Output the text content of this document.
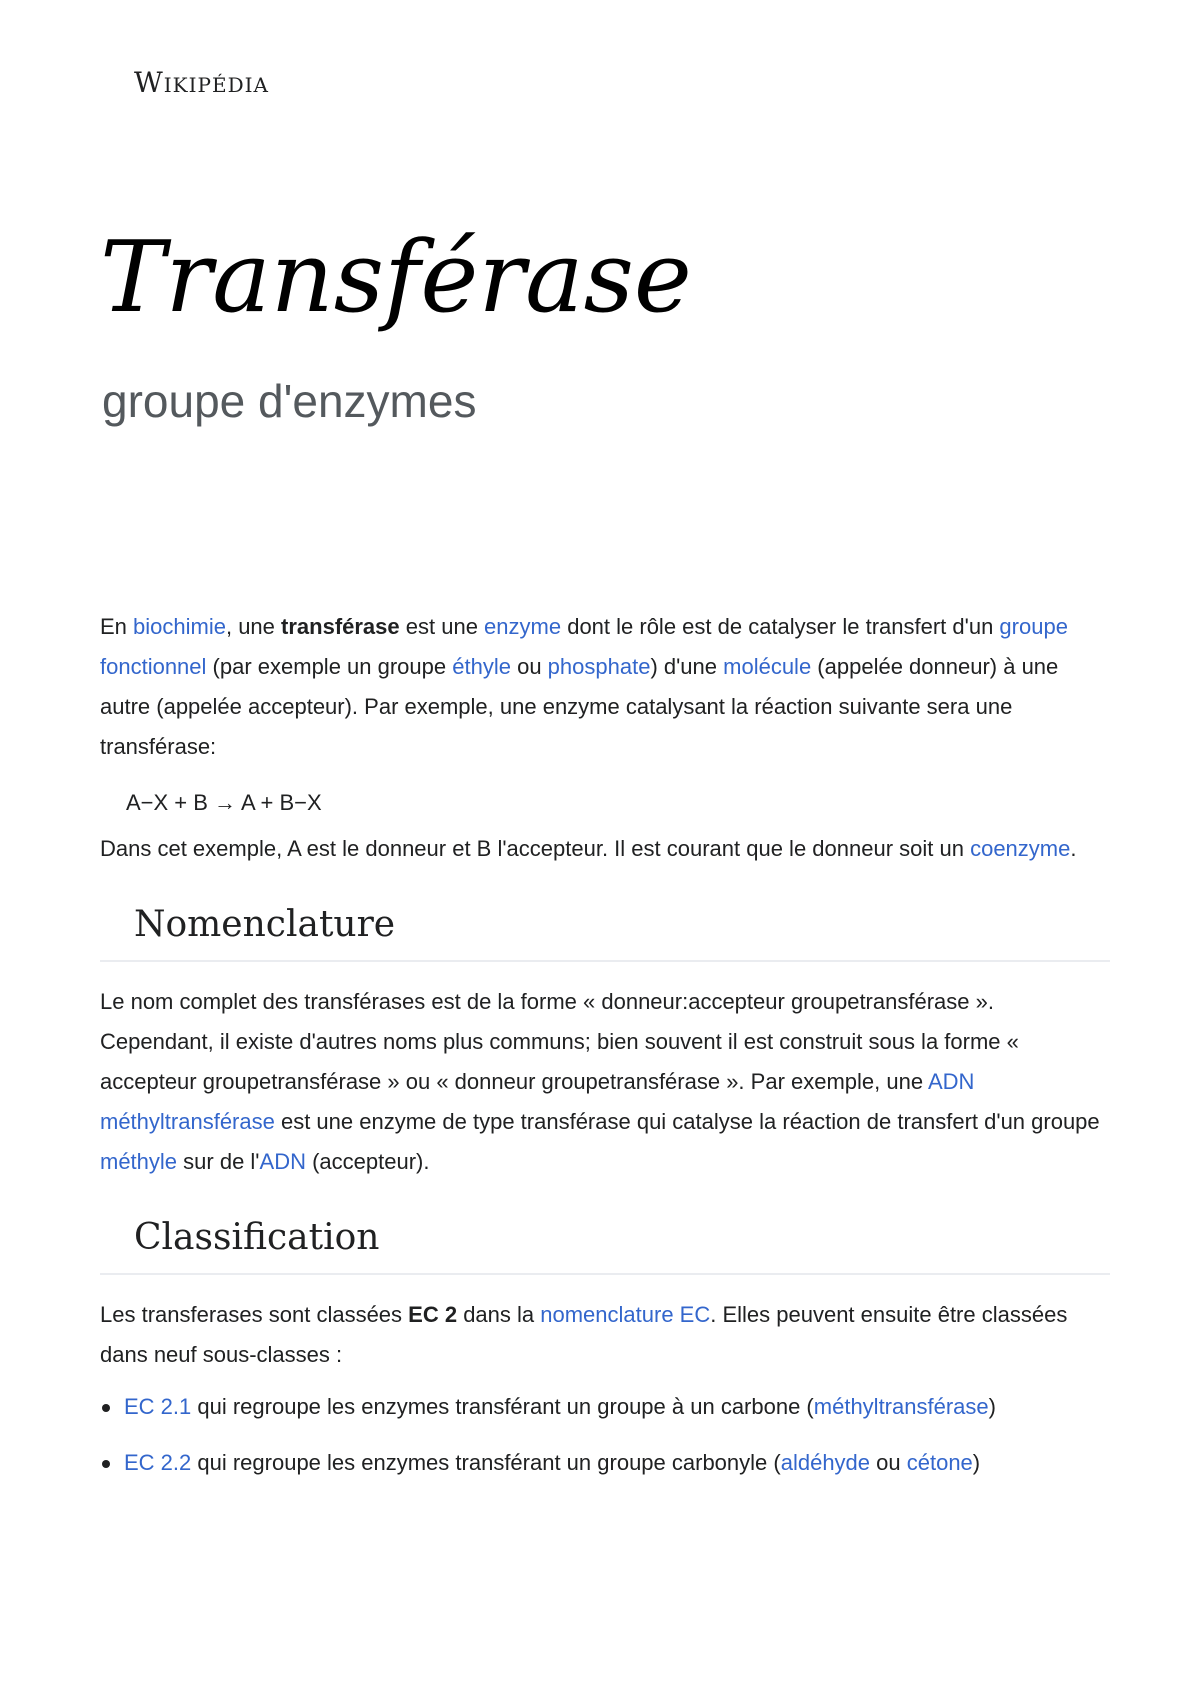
Wikipédia
Transférase
groupe d'enzymes

En biochimie, une transférase est une enzyme dont le rôle est de catalyser le transfert d'un groupe fonctionnel (par exemple un groupe éthyle ou phosphate) d'une molécule (appelée donneur) à une autre (appelée accepteur). Par exemple, une enzyme catalysant la réaction suivante sera une transférase:

A−X + B → A + B−X

Dans cet exemple, A est le donneur et B l'accepteur. Il est courant que le donneur soit un coenzyme.

Nomenclature

Le nom complet des transférases est de la forme « donneur:accepteur groupetransférase ». Cependant, il existe d'autres noms plus communs; bien souvent il est construit sous la forme « accepteur groupetransférase » ou « donneur groupetransférase ». Par exemple, une ADN méthyltransférase est une enzyme de type transférase qui catalyse la réaction de transfert d'un groupe méthyle sur de l'ADN (accepteur).

Classification

Les transferases sont classées EC 2 dans la nomenclature EC. Elles peuvent ensuite être classées dans neuf sous-classes :

EC 2.1 qui regroupe les enzymes transférant un groupe à un carbone (méthyltransférase)
EC 2.2 qui regroupe les enzymes transférant un groupe carbonyle (aldéhyde ou cétone)
